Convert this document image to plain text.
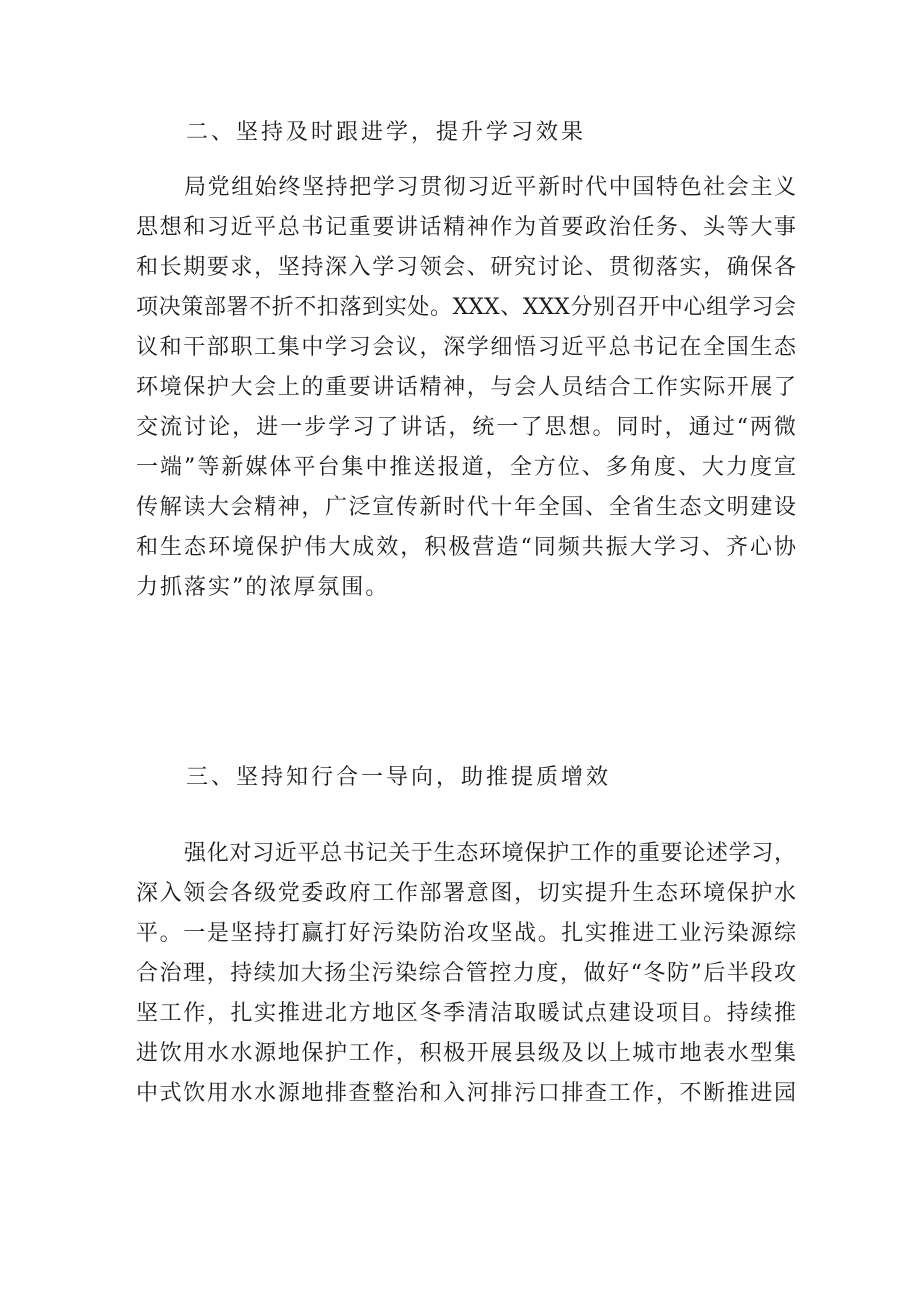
二、坚持及时跟进学，提升学习效果
局党组始终坚持把学习贯彻习近平新时代中国特色社会主义
思想和习近平总书记重要讲话精神作为首要政治任务、头等大事
和长期要求，坚持深入学习领会、研究讨论、贯彻落实，确保各
项决策部署不折不扣落到实处。XXX、XXX分别召开中心组学习会
议和干部职工集中学习会议，深学细悟习近平总书记在全国生态
环境保护大会上的重要讲话精神，与会人员结合工作实际开展了
交流讨论，进一步学习了讲话，统一了思想。同时，通过“两微
一端”等新媒体平台集中推送报道，全方位、多角度、大力度宣
传解读大会精神，广泛宣传新时代十年全国、全省生态文明建设
和生态环境保护伟大成效，积极营造“同频共振大学习、齐心协
力抓落实”的浓厚氛围。
三、坚持知行合一导向，助推提质增效
强化对习近平总书记关于生态环境保护工作的重要论述学习，
深入领会各级党委政府工作部署意图，切实提升生态环境保护水
平。一是坚持打赢打好污染防治攻坚战。扎实推进工业污染源综
合治理，持续加大扬尘污染综合管控力度，做好“冬防”后半段攻
坚工作，扎实推进北方地区冬季清洁取暖试点建设项目。持续推
进饮用水水源地保护工作，积极开展县级及以上城市地表水型集
中式饮用水水源地排查整治和入河排污口排查工作，不断推进园
